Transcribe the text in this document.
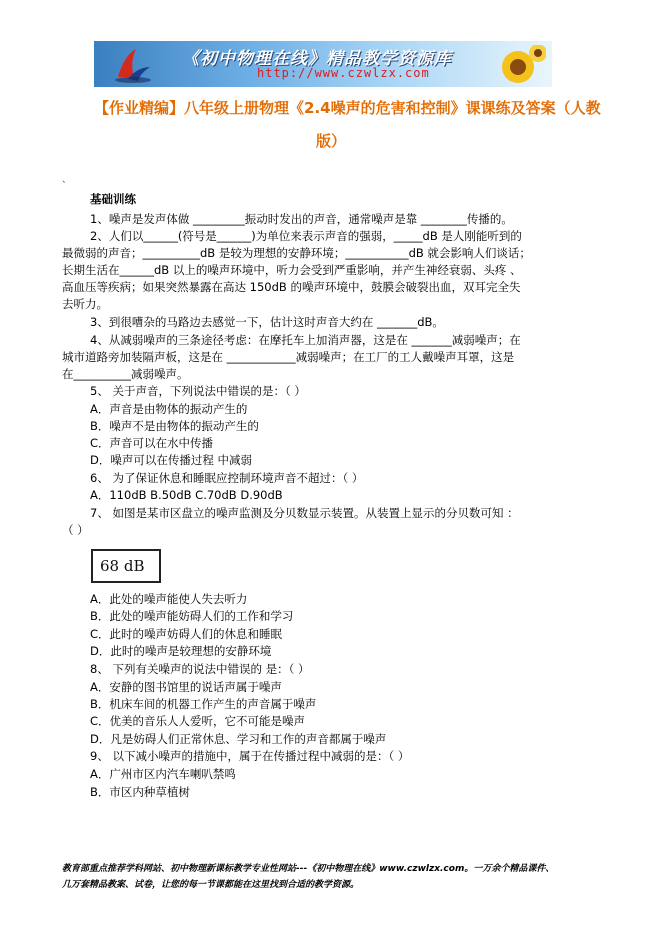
《初中物理在线》精品教学资源库
http://www.czwlzx.com
【作业精编】八年级上册物理《2.4噪声的危害和控制》课课练及答案（人教
版）
、
基础训练
1、噪声是发声体做 _________振动时发出的声音，通常噪声是靠 ________传播的。
2、人们以______(符号是______)为单位来表示声音的强弱，_____dB 是人刚能听到的
最微弱的声音；__________dB 是较为理想的安静环境；___________dB 就会影响人们谈话；
长期生活在______dB 以上的噪声环境中，听力会受到严重影响，并产生神经衰弱、头疼 、
高血压等疾病；如果突然暴露在高达 150dB 的噪声环境中，鼓膜会破裂出血，双耳完全失
去听力。
3、到很嘈杂的马路边去感觉一下，估计这时声音大约在 _______dB。
4、从减弱噪声的三条途径考虑：在摩托车上加消声器，这是在 _______减弱噪声；在
城市道路旁加装隔声板，这是在 ____________减弱噪声；在工厂的工人戴噪声耳罩，这是
在__________减弱噪声。
5、 关于声音，下列说法中错误的是：（ ）
A．声音是由物体的振动产生的
B．噪声不是由物体的振动产生的
C．声音可以在水中传播
D．噪声可以在传播过程 中减弱
6、 为了保证休息和睡眠应控制环境声音不超过：（ ）
A．110dB B.50dB C.70dB D.90dB
7、 如图是某市区盘立的噪声监测及分贝数显示装置。从装置上显示的分贝数可知 ：
（ ）
68 dB
A．此处的噪声能使人失去听力
B．此处的噪声能妨碍人们的工作和学习
C．此时的噪声妨碍人们的休息和睡眠
D．此时的噪声是较理想的安静环境
8、 下列有关噪声的说法中错误的 是：（ ）
A．安静的图书馆里的说话声属于噪声
B．机床车间的机器工作产生的声音属于噪声
C．优美的音乐人人爱听，它不可能是噪声
D．凡是妨碍人们正常休息、学习和工作的声音都属于噪声
9、 以下减小噪声的措施中，属于在传播过程中减弱的是：（ ）
A．广州市区内汽车喇叭禁鸣
B．市区内种草植树
教育部重点推荐学科网站、初中物理新课标教学专业性网站---《初中物理在线》www.czwlzx.com。一万余个精品课件、
几万套精品教案、试卷，让您的每一节课都能在这里找到合适的教学资源。
